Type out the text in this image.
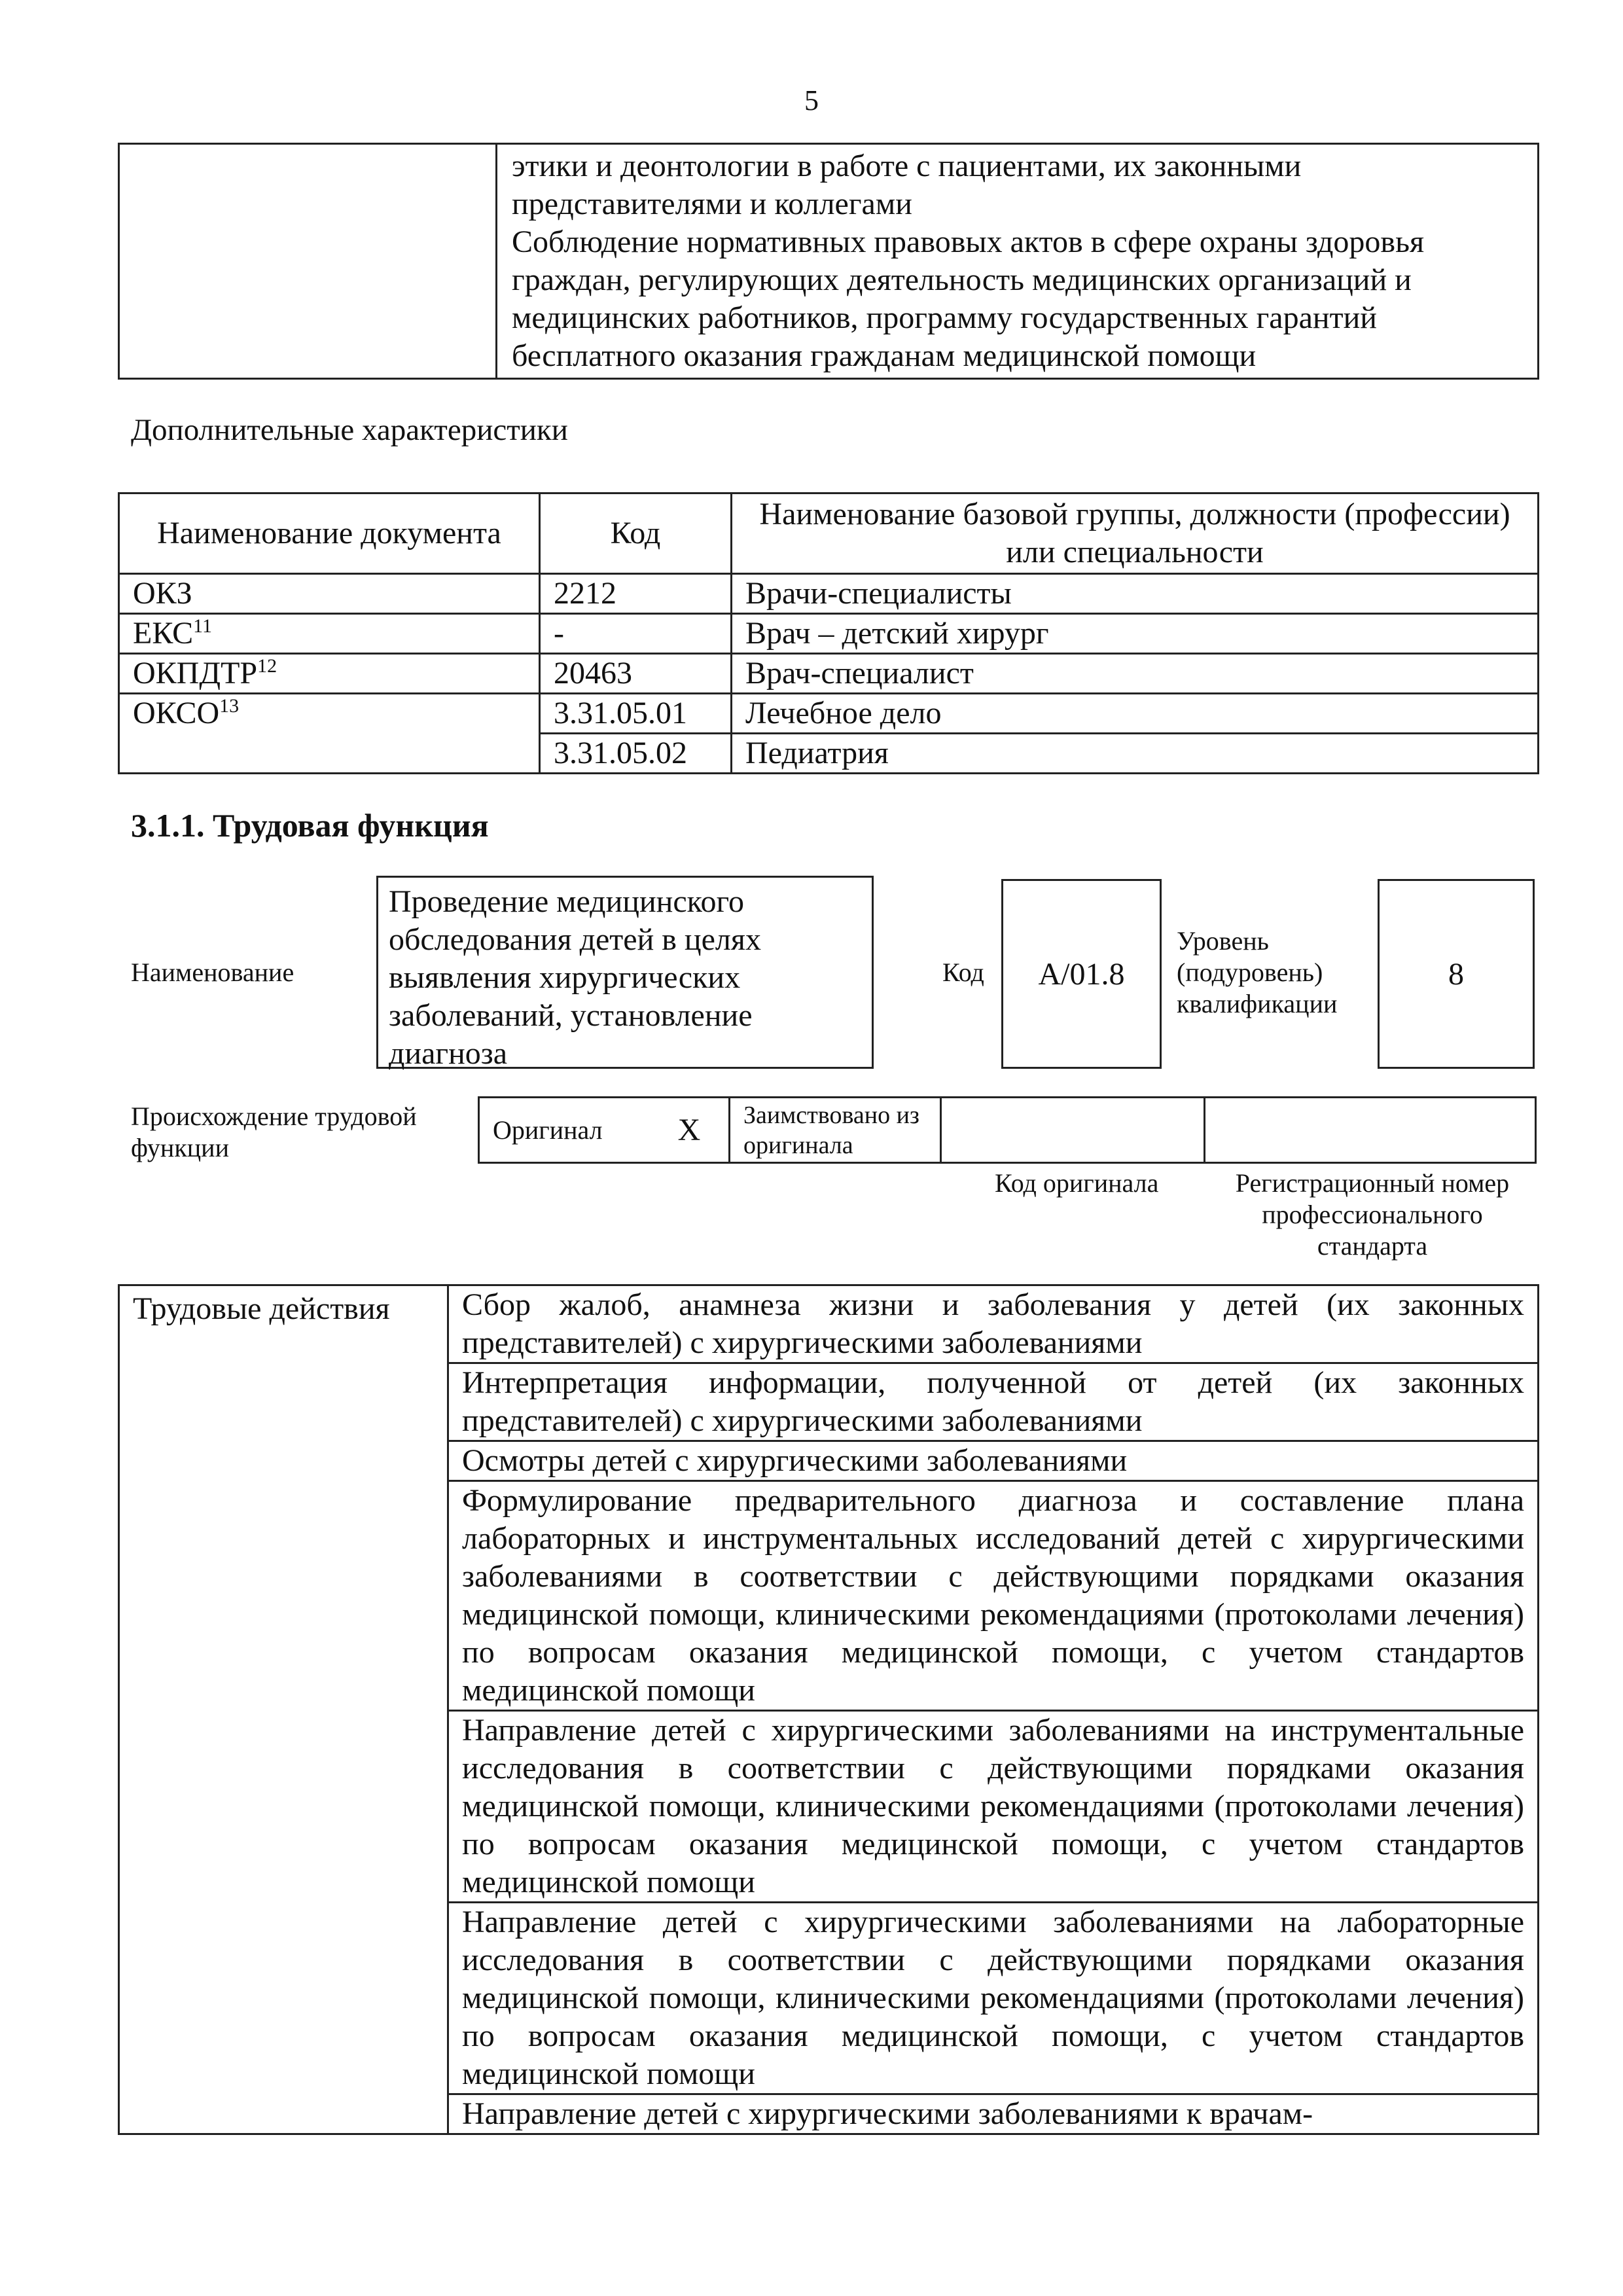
5

этики и деонтологии в работе с пациентами, их законными
представителями и коллегами
Соблюдение нормативных правовых актов в сфере охраны здоровья
граждан, регулирующих деятельность медицинских организаций и
медицинских работников, программу государственных гарантий
бесплатного оказания гражданам медицинской помощи
Дополнительные характеристики
Наименование документа	Код	Наименование базовой группы, должности (профессии) или специальности
ОКЗ	2212	Врачи-специалисты
ЕКС$^{11}$	-	Врач – детский хирург
ОКПДТР$^{12}$	20463	Врач-специалист
ОКСО$^{13}$	3.31.05.01	Лечебное дело
	3.31.05.02	Педиатрия
3.1.1. Трудовая функция
Наименование
Проведение медицинского обследования детей в целях выявления хирургических заболеваний, установление диагноза
Код	A/01.8
Уровень (подуровень) квалификации
8
Происхождение трудовой функции
Оригинал	X	Заимствовано из оригинала		
Код оригинала	Регистрационный номер профессионального стандарта
Трудовые действия	Сбор жалоб, анамнеза жизни и заболевания у детей (их законных представителей) с хирургическими заболеваниями
Интерпретация информации, полученной от детей (их законных представителей) с хирургическими заболеваниями
Осмотры детей с хирургическими заболеваниями
Формулирование предварительного диагноза и составление плана лабораторных и инструментальных исследований детей с хирургическими заболеваниями в соответствии с действующими порядками оказания медицинской помощи, клиническими рекомендациями (протоколами лечения) по вопросам оказания медицинской помощи, с учетом стандартов медицинской помощи
Направление детей с хирургическими заболеваниями на инструментальные исследования в соответствии с действующими порядками оказания медицинской помощи, клиническими рекомендациями (протоколами лечения) по вопросам оказания медицинской помощи, с учетом стандартов медицинской помощи
Направление детей с хирургическими заболеваниями на лабораторные исследования в соответствии с действующими порядками оказания медицинской помощи, клиническими рекомендациями (протоколами лечения) по вопросам оказания медицинской помощи, с учетом стандартов медицинской помощи
Направление детей с хирургическими заболеваниями к врачам-
